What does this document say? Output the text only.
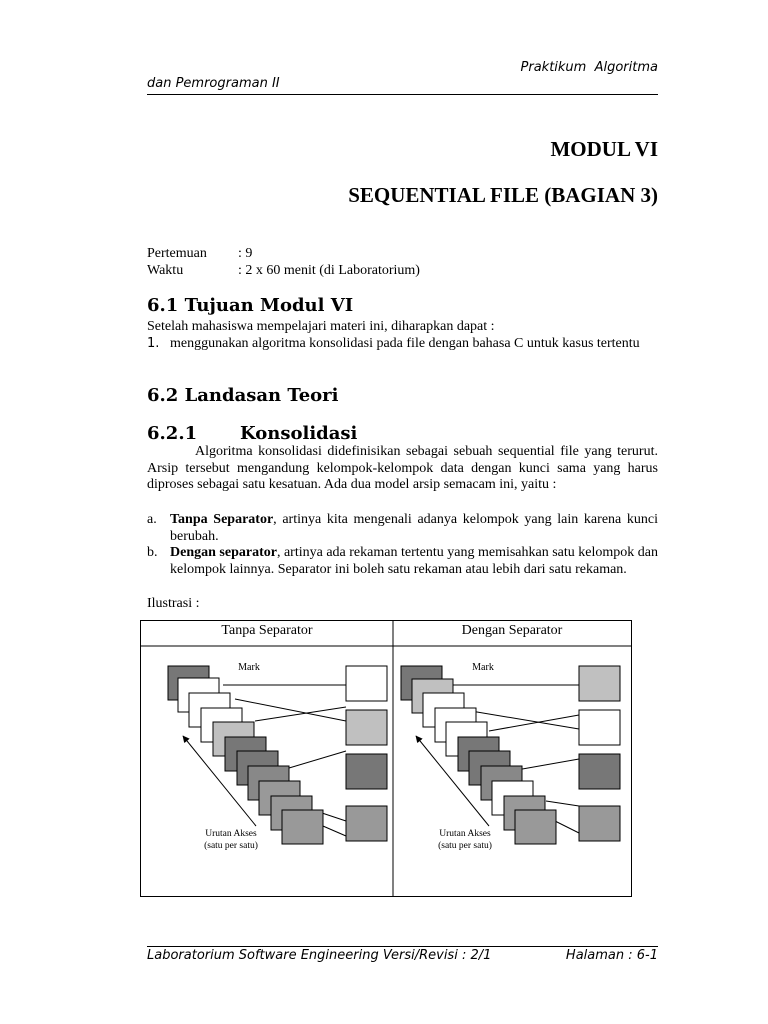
Praktikum  Algoritma
dan Pemrograman II
MODUL VI
SEQUENTIAL FILE (BAGIAN 3)
Pertemuan : 9
Waktu	: 2 x 60 menit (di Laboratorium)
6.1 Tujuan Modul VI
Setelah mahasiswa mempelajari materi ini, diharapkan dapat :
1. menggunakan algoritma konsolidasi pada file dengan bahasa C untuk kasus tertentu
6.2 Landasan Teori
6.2.1 Konsolidasi
Algoritma konsolidasi didefinisikan sebagai sebuah sequential file yang terurut. Arsip tersebut mengandung kelompok-kelompok data dengan kunci sama yang harus diproses sebagai satu kesatuan. Ada dua model arsip semacam ini, yaitu :
a. Tanpa Separator, artinya kita mengenali adanya kelompok yang lain karena kunci berubah.
b. Dengan separator, artinya ada rekaman tertentu yang memisahkan satu kelompok dan kelompok lainnya. Separator ini boleh satu rekaman atau lebih dari satu rekaman.
Ilustrasi :
Tanpa Separator	Dengan Separator
Mark
Urutan Akses
(satu per satu)
Mark
Urutan Akses
(satu per satu)
Laboratorium Software Engineering Versi/Revisi : 2/1	Halaman : 6-1
